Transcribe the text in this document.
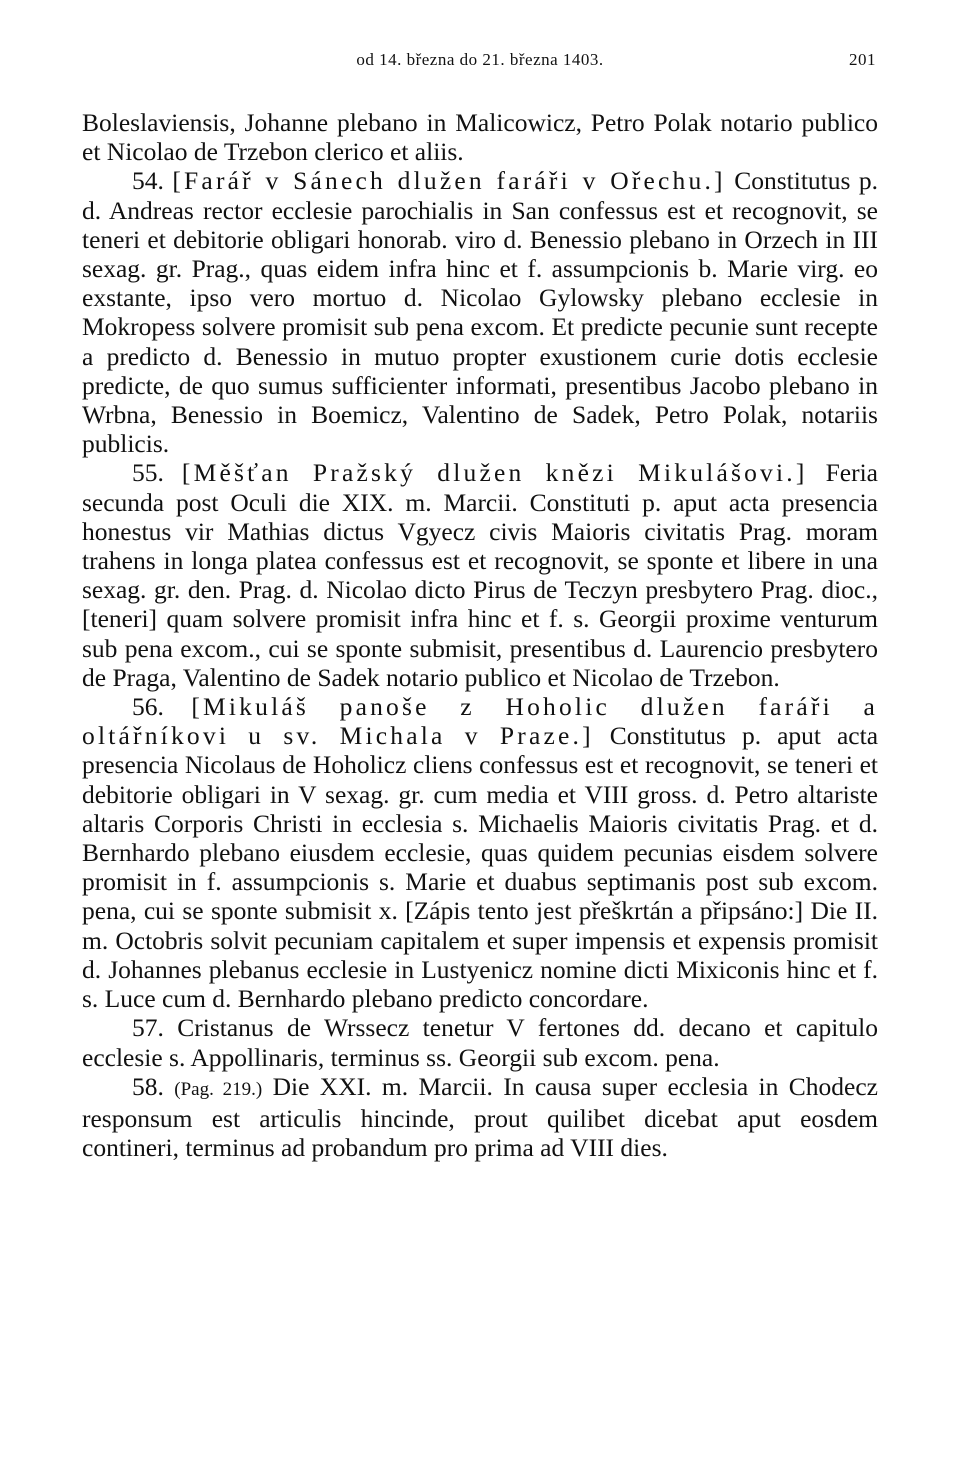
od 14. března do 21. března 1403.	201

Boleslaviensis, Johanne plebano in Malicowicz, Petro Polak notario publico et Nicolao de Trzebon clerico et aliis.

54. [Farář v Sánech dlužen faráři v Ořechu.] Constitutus p. d. Andreas rector ecclesie parochialis in San confessus est et recognovit, se teneri et debitorie obligari honorab. viro d. Benessio plebano in Orzech in III sexag. gr. Prag., quas eidem infra hinc et f. assumpcionis b. Marie virg. eo exstante, ipso vero mortuo d. Nicolao Gylowsky plebano ecclesie in Mokropess solvere promisit sub pena excom. Et predicte pecunie sunt recepte a predicto d. Benessio in mutuo propter exustionem curie dotis ecclesie predicte, de quo sumus sufficienter informati, presentibus Jacobo plebano in Wrbna, Benessio in Boemicz, Valentino de Sadek, Petro Polak, notariis publicis.

55. [Měšťan Pražský dlužen knězi Mikulášovi.] Feria secunda post Oculi die XIX. m. Marcii. Constituti p. aput acta presencia honestus vir Mathias dictus Vgyecz civis Maioris civitatis Prag. moram trahens in longa platea confessus est et recognovit, se sponte et libere in una sexag. gr. den. Prag. d. Nicolao dicto Pirus de Teczyn presbytero Prag. dioc., [teneri] quam solvere promisit infra hinc et f. s. Georgii proxime venturum sub pena excom., cui se sponte submisit, presentibus d. Laurencio presbytero de Praga, Valentino de Sadek notario publico et Nicolao de Trzebon.

56. [Mikuláš panoše z Hoholic dlužen faráři a oltářníkovi u sv. Michala v Praze.] Constitutus p. aput acta presencia Nicolaus de Hoholicz cliens confessus est et recognovit, se teneri et debitorie obligari in V sexag. gr. cum media et VIII gross. d. Petro altariste altaris Corporis Christi in ecclesia s. Michaelis Maioris civitatis Prag. et d. Bernhardo plebano eiusdem ecclesie, quas quidem pecunias eisdem solvere promisit in f. assumpcionis s. Marie et duabus septimanis post sub excom. pena, cui se sponte submisit x. [Zápis tento jest přeškrtán a připsáno:] Die II. m. Octobris solvit pecuniam capitalem et super impensis et expensis promisit d. Johannes plebanus ecclesie in Lustyenicz nomine dicti Mixiconis hinc et f. s. Luce cum d. Bernhardo plebano predicto concordare.

57. Cristanus de Wrssecz tenetur V fertones dd. decano et capitulo ecclesie s. Appollinaris, terminus ss. Georgii sub excom. pena.

58. (Pag. 219.) Die XXI. m. Marcii. In causa super ecclesia in Chodecz responsum est articulis hincinde, prout quilibet dicebat aput eosdem contineri, terminus ad probandum pro prima ad VIII dies.
